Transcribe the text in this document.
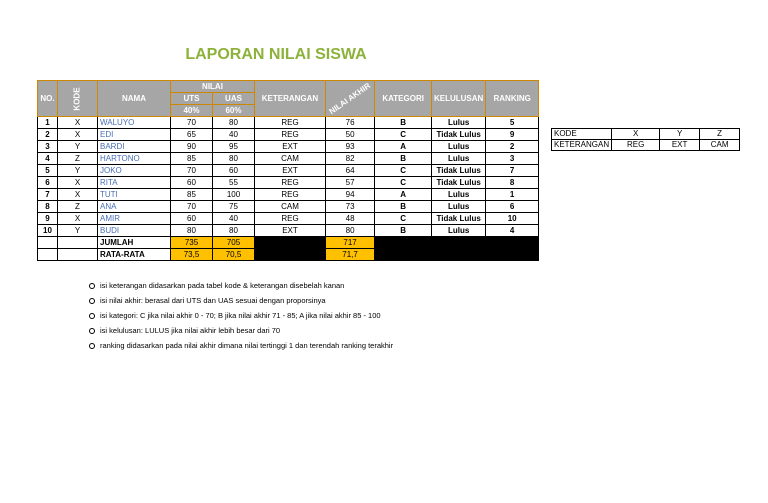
LAPORAN NILAI SISWA
NO.	KODE	NAMA	NILAI		KETERANGAN	NILAI AKHIR	KATEGORI	KELULUSAN	RANKING
			UTS	UAS					
			40%	60%					
1	X	WALUYO	70	80	REG	76	B	Lulus	5
2	X	EDI	65	40	REG	50	C	Tidak Lulus	9
3	Y	BARDI	90	95	EXT	93	A	Lulus	2
4	Z	HARTONO	85	80	CAM	82	B	Lulus	3
5	Y	JOKO	70	60	EXT	64	C	Tidak Lulus	7
6	X	RITA	60	55	REG	57	C	Tidak Lulus	8
7	X	TUTI	85	100	REG	94	A	Lulus	1
8	Z	ANA	70	75	CAM	73	B	Lulus	6
9	X	AMIR	60	40	REG	48	C	Tidak Lulus	10
10	Y	BUDI	80	80	EXT	80	B	Lulus	4
		JUMLAH	735	705		717			
		RATA-RATA	73,5	70,5		71,7			
KODE	X	Y	Z
KETERANGAN	REG	EXT	CAM
isi keterangan didasarkan pada tabel kode & keterangan disebelah kanan
isi nilai akhir: berasal dari UTS dan UAS sesuai dengan proporsinya
isi kategori: C jika nilai akhir 0 - 70; B jika nilai akhir 71 - 85; A jika nilai akhir 85 - 100
isi kelulusan: LULUS jika nilai akhir lebih besar dari 70
ranking didasarkan pada nilai akhir dimana nilai tertinggi 1 dan terendah ranking terakhir
